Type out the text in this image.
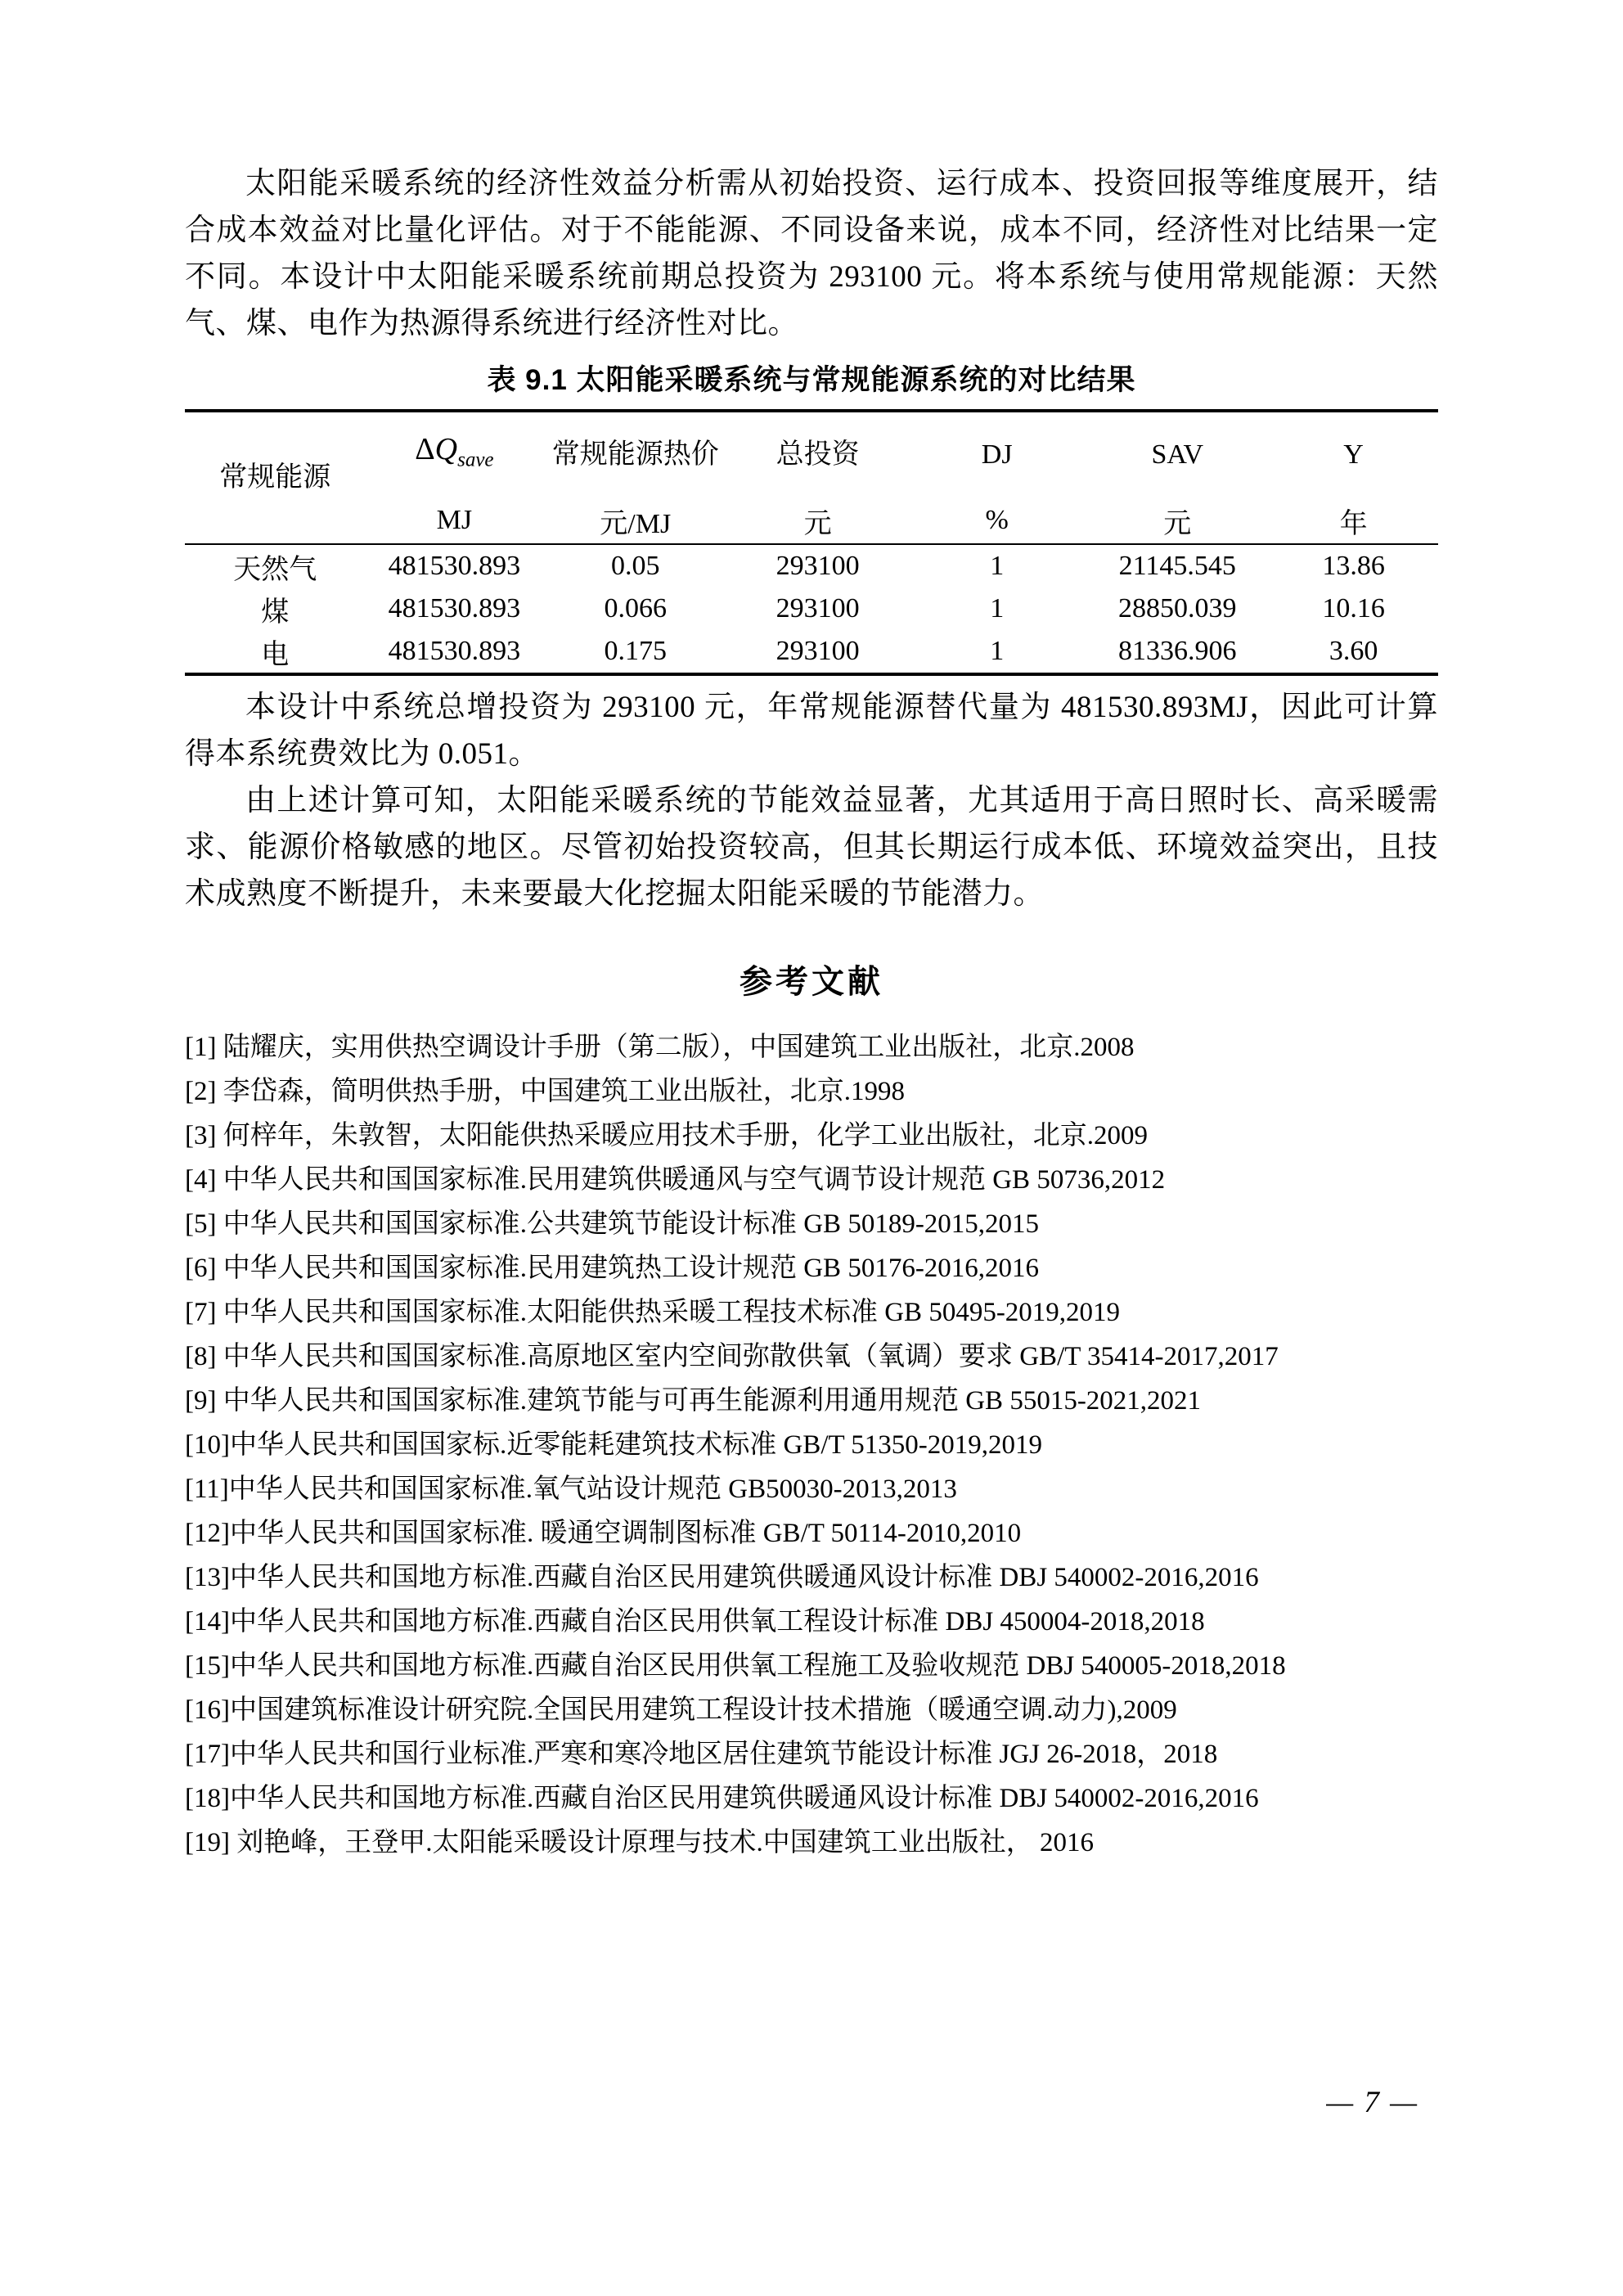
太阳能采暖系统的经济性效益分析需从初始投资、运行成本、投资回报等维度展开，结合成本效益对比量化评估。对于不能能源、不同设备来说，成本不同，经济性对比结果一定不同。本设计中太阳能采暖系统前期总投资为 293100 元。将本系统与使用常规能源：天然气、煤、电作为热源得系统进行经济性对比。

表 9.1 太阳能采暖系统与常规能源系统的对比结果
常规能源	$\Delta Q_{save}$	常规能源热价	总投资	DJ	SAV	Y
	MJ	元/MJ	元	%	元	年
天然气	481530.893	0.05	293100	1	21145.545	13.86
煤	481530.893	0.066	293100	1	28850.039	10.16
电	481530.893	0.175	293100	1	81336.906	3.60

本设计中系统总增投资为 293100 元，年常规能源替代量为 481530.893MJ，因此可计算得本系统费效比为 0.051。

由上述计算可知，太阳能采暖系统的节能效益显著，尤其适用于高日照时长、高采暖需求、能源价格敏感的地区。尽管初始投资较高，但其长期运行成本低、环境效益突出，且技术成熟度不断提升，未来要最大化挖掘太阳能采暖的节能潜力。

参考文献
[1] 陆耀庆，实用供热空调设计手册（第二版），中国建筑工业出版社，北京.2008
[2] 李岱森，简明供热手册，中国建筑工业出版社，北京.1998
[3] 何梓年，朱敦智，太阳能供热采暖应用技术手册，化学工业出版社，北京.2009
[4] 中华人民共和国国家标准.民用建筑供暖通风与空气调节设计规范 GB 50736,2012
[5] 中华人民共和国国家标准.公共建筑节能设计标准 GB 50189-2015,2015
[6] 中华人民共和国国家标准.民用建筑热工设计规范 GB 50176-2016,2016
[7] 中华人民共和国国家标准.太阳能供热采暖工程技术标准 GB 50495-2019,2019
[8] 中华人民共和国国家标准.高原地区室内空间弥散供氧（氧调）要求 GB/T 35414-2017,2017
[9] 中华人民共和国国家标准.建筑节能与可再生能源利用通用规范 GB 55015-2021,2021
[10]中华人民共和国国家标.近零能耗建筑技术标准 GB/T 51350-2019,2019
[11]中华人民共和国国家标准.氧气站设计规范 GB50030-2013,2013
[12]中华人民共和国国家标准. 暖通空调制图标准 GB/T 50114-2010,2010
[13]中华人民共和国地方标准.西藏自治区民用建筑供暖通风设计标准 DBJ 540002-2016,2016
[14]中华人民共和国地方标准.西藏自治区民用供氧工程设计标准 DBJ 450004-2018,2018
[15]中华人民共和国地方标准.西藏自治区民用供氧工程施工及验收规范 DBJ 540005-2018,2018
[16]中国建筑标准设计研究院.全国民用建筑工程设计技术措施（暖通空调.动力),2009
[17]中华人民共和国行业标准.严寒和寒冷地区居住建筑节能设计标准 JGJ 26-2018，2018
[18]中华人民共和国地方标准.西藏自治区民用建筑供暖通风设计标准 DBJ 540002-2016,2016
[19] 刘艳峰，王登甲.太阳能采暖设计原理与技术.中国建筑工业出版社， 2016
— 7 —
